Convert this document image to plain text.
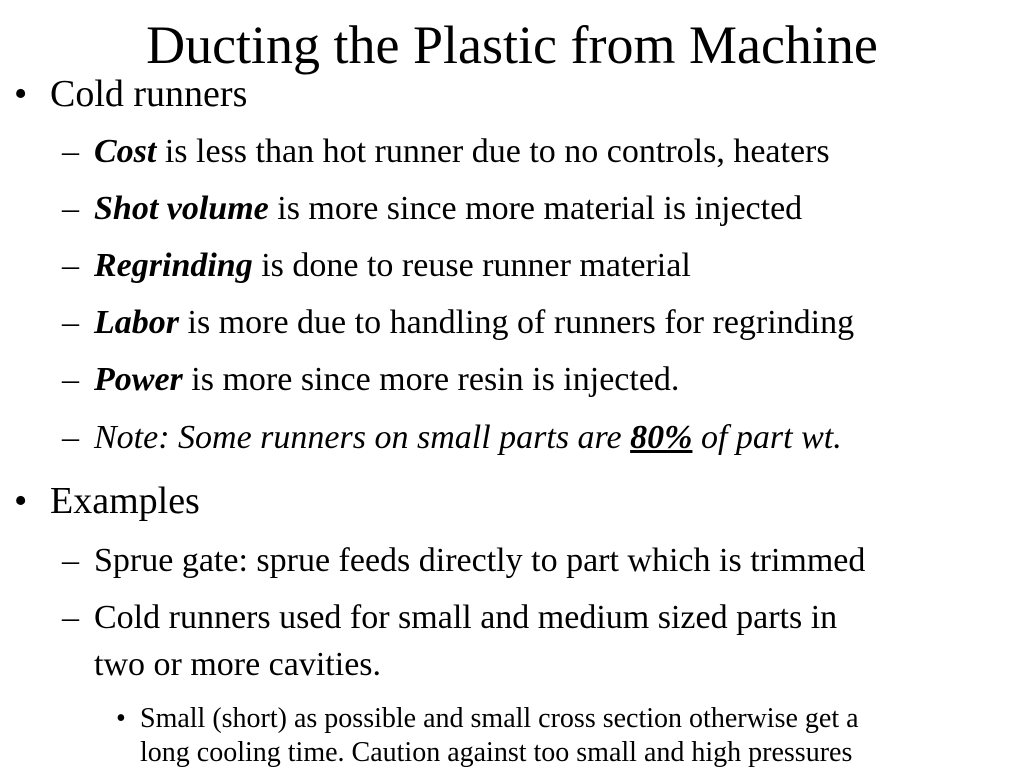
Ducting the Plastic from Machine
• Cold runners
– Cost is less than hot runner due to no controls, heaters
– Shot volume is more since more material is injected
– Regrinding is done to reuse runner material
– Labor is more due to handling of runners for regrinding
– Power is more since more resin is injected.
– Note: Some runners on small parts are 80% of part wt.
• Examples
– Sprue gate: sprue feeds directly to part which is trimmed
– Cold runners used for small and medium sized parts in
two or more cavities.
• Small (short) as possible and small cross section otherwise get a
long cooling time. Caution against too small and high pressures
